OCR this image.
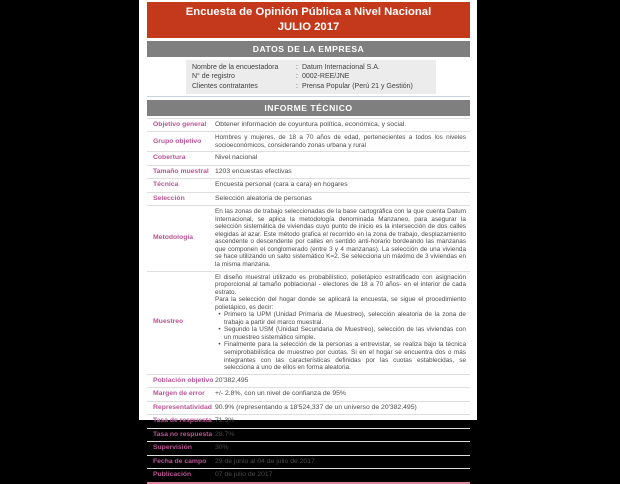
Encuesta de Opinión Pública a Nivel Nacional
JULIO 2017
DATOS DE LA EMPRESA
Nombre de la encuestadora	: Datum Internacional S.A.
N° de registro	: 0002-REE/JNE
Clientes contratantes	: Prensa Popular (Perú 21 y Gestión)
INFORME TÉCNICO
Objetivo general	Obtener información de coyuntura política, económica, y social.
Grupo objetivo	Hombres y mujeres, de 18 a 70 años de edad, pertenecientes a todos los niveles socioeconómicos, considerando zonas urbana y rural
Cobertura	Nivel nacional
Tamaño muestral 1203 encuestas efectivas
Técnica	Encuesta personal (cara a cara) en hogares
Selección	Selección aleatoria de personas
Metodología
En las zonas de trabajo seleccionadas de la base cartográfica con la que cuenta Datum Internacional, se aplica la metodología denominada Manzaneo, para asegurar la selección sistemática de viviendas cuyo punto de inicio es la intersección de dos calles elegidas al azar. Este método grafica el recorrido en la zona de trabajo, desplazamiento ascendente o descendente por calles en sentido anti-horario bordeando las manzanas que componen el conglomerado (entre 3 y 4 manzanas). La selección de una vivienda se hace utilizando un salto sistemático K=2. Se selecciona un máximo de 3 viviendas en la misma manzana.
Muestreo

El diseño muestral utilizado es probabilístico, polietápico estratificado con asignación proporcional al tamaño poblacional - electores de 18 a 70 años- en el interior de cada estrato.

Para la selección del hogar donde se aplicará la encuesta, se sigue el procedimiento polietápico, es decir:

• Primero la UPM (Unidad Primaria de Muestreo), selección aleatoria de la zona de trabajo a partir del marco muestral.
• Segundo la USM (Unidad Secundaria de Muestreo), selección de las viviendas con un muestreo sistemático simple.
• Finalmente para la selección de la personas a entrevistar, se realiza bajo la técnica semiprobabilística de muestreo por cuotas. Si en el hogar se encuentra dos o más integrantes con las características definidas por las cuotas establecidas, se selecciona a uno de ellos en forma aleatoria.
Población objetivo 20'382,495
Margen de error	+/- 2.8%, con un nivel de confianza de 95%
Representatividad 90.9% (representando a 18'524,337 de un universo de 20'382,495)
Tasa de respuesta 71.3%
Tasa no respuesta 28.7%
Supervisión	30%
Fecha de campo	29 de junio al 04 de julio de 2017
Publicación	07 de julio de 2017
